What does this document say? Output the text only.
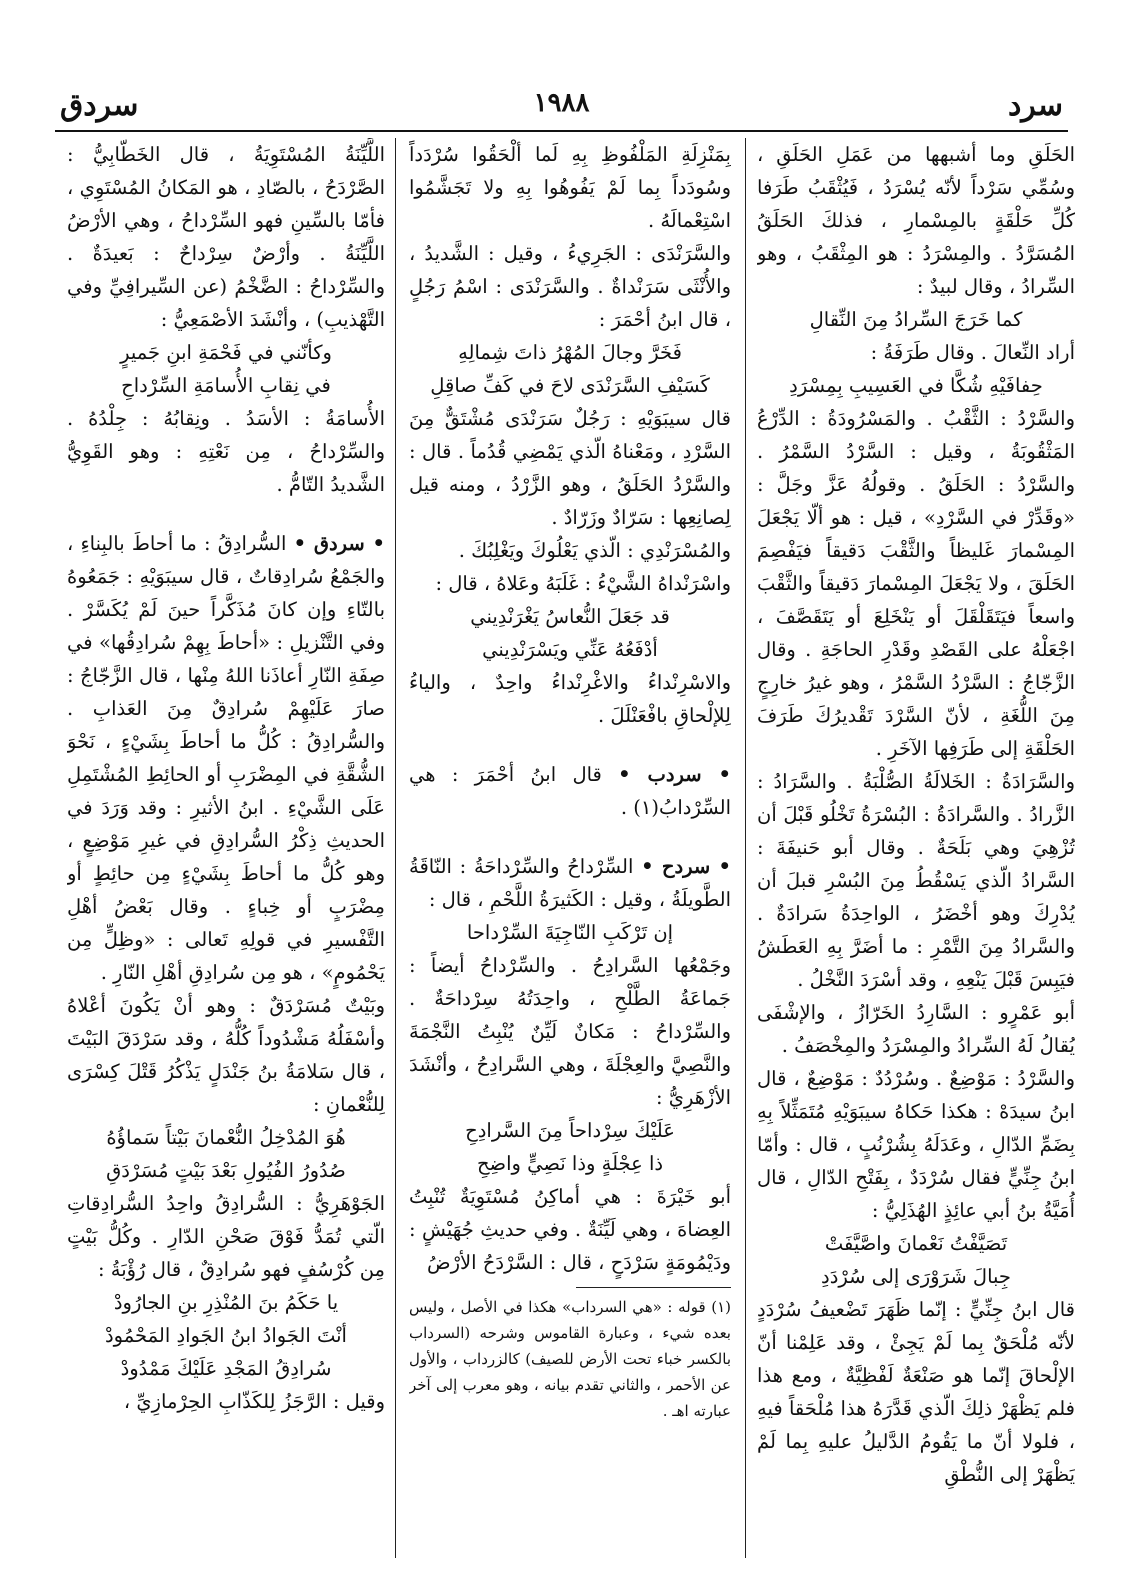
سرد
١٩٨٨
سردق

الحَلَقِ وما أشبهها من عَمَلِ الحَلَقِ ، وسُمِّي سَرْداً لأنّه يُسْرَدُ ، فَيُثْقَبُ طَرَفا كُلِّ حَلْقَةٍ بالمِسْمارِ ، فذلكَ الحَلَقُ المُسَرَّدُ . والمِسْرَدُ : هو المِثْقَبُ ، وهو السِّرادُ ، وقال لبيدٌ :

كما خَرَجَ السِّرادُ مِنَ النِّقالِ

أراد النِّعالَ . وقال طَرَفَةُ :

حِفافَيْهِ شُكَّا في العَسِيبِ بِمِسْرَدِ

والسَّرْدُ : الثَّقْبُ . والمَسْرُودَةُ : الدِّرْعُ المَثْقُوبَةُ ، وقيل : السَّرْدُ السَّمْرُ . والسَّرْدُ : الحَلَقُ . وقولُهُ عَزَّ وجَلَّ : «وقَدِّرْ في السَّرْدِ» ، قيل : هو ألّا يَجْعَلَ المِسْمارَ غَليظاً والثَّقْبَ دَقيقاً فيَفْصِمَ الحَلَقَ ، ولا يَجْعَلَ المِسْمارَ دَقيقاً والثَّقْبَ واسعاً فيَتَقَلْقَلَ أو يَنْخَلِعَ أو يَتَقَصَّفَ ، اجْعَلْهُ على القَصْدِ وقَدْرِ الحاجَةِ . وقال الزَّجّاجُ : السَّرْدُ السَّمْرُ ، وهو غيرُ خارِجٍ مِنَ اللُّغَةِ ، لأنّ السَّرْدَ تَقْديرُكَ طَرَفَ الحَلْقَةِ إلى طَرَفِها الآخَرِ .

والسَّرَادَةُ : الخَلالَةُ الصُّلْبَةُ . والسَّرَادُ : الزَّرادُ . والسَّرادَةُ : البُسْرَةُ تَخْلُو قَبْلَ أن تُزْهِيَ وهي بَلَحَةٌ . وقال أبو حَنيفَةَ : السَّرادُ الّذي يَسْقُطُ مِنَ البُسْرِ قبلَ أن يُدْرِكَ وهو أخْضَرُ ، الواحِدَةُ سَرادَةٌ . والسَّرادُ مِنَ التَّمْرِ : ما أضَرَّ بِهِ العَطَشُ فيَبِسَ قَبْلَ يَنْعِهِ ، وقد أسْرَدَ النَّخْلُ .

أبو عَمْرٍو : السَّارِدُ الخَرّازُ ، والإشْفَى يُقالُ لَهُ السِّرادُ والمِسْرَدُ والمِخْصَفُ .

والسَّرْدُ : مَوْضِعٌ . وسُرْدُدٌ : مَوْضِعٌ ، قال ابنُ سيدَهْ : هكذا حَكاهُ سيبَوَيْهِ مُتَمَثِّلاً بِهِ بِضَمِّ الدّالِ ، وعَدَلَهُ بِشُرْنُبٍ ، قال : وأمّا ابنُ جِنِّيٍّ فقال سُرْدَدٌ ، بِفَتْحِ الدّالِ ، قال أُمَيَّةُ بنُ أبي عائِذٍ الهُذَلِيُّ :

تَصَيَّفْتُ نَعْمانَ واصَّيَّفَتْ

جِبالَ شَرَوْرَى إلى سُرْدَدِ

قال ابنُ جِنِّيٍّ : إنّما ظَهَرَ تَضْعيفُ سُرْدَدٍ لأنّه مُلْحَقٌ بِما لَمْ يَجِئْ ، وقد عَلِمْنا أنّ الإلْحاقَ إنّما هو صَنْعَةٌ لَفْظِيَّةٌ ، ومع هذا فلم يَظْهَرْ ذلِكَ الّذي قَدَّرَهُ هذا مُلْحَقاً فيهِ ، فلولا أنّ ما يَقُومُ الدَّليلُ عليهِ بِما لَمْ يَظْهَرْ إلى النُّطْقِ

بِمَنْزِلَةِ المَلْفُوظِ بِهِ لَما ألْحَقُوا سُرْدَداً وسُودَداً بِما لَمْ يَفُوهُوا بِهِ ولا تَجَشَّمُوا اسْتِعْمالَهُ .

والسَّرَنْدَى : الجَرِيءُ ، وقيل : الشَّديدُ ، والأُنْثَى سَرَنْداةٌ . والسَّرَنْدَى : اسْمُ رَجُلٍ ، قال ابنُ أحْمَرَ :

فَخَرَّ وجالَ المُهْرُ ذاتَ شِمالِهِ

كَسَيْفِ السَّرَنْدَى لاحَ في كَفِّ صاقِلِ

قال سيبَوَيْهِ : رَجُلٌ سَرَنْدَى مُشْتَقٌّ مِنَ السَّرْدِ ، ومَعْناهُ الّذي يَمْضِي قُدُماً . قال : والسَّرْدُ الحَلَقُ ، وهو الزَّرْدُ ، ومنه قيل لِصانِعِها : سَرّادٌ وزَرّادٌ .

والمُسْرَنْدِي : الّذي يَعْلُوكَ ويَغْلِبُكَ .

واسْرَنْداهُ الشَّيْءُ : غَلَبَهُ وعَلاهُ ، قال :

قد جَعَلَ النُّعاسُ يَغْرَنْدِيني

أدْفَعُهُ عَنِّي ويَسْرَنْدِيني

والاسْرِنْداءُ والاغْرِنْداءُ واحِدٌ ، والياءُ لِلإلْحاقِ بافْعَنْلَلَ .

• سردب • قال ابنُ أحْمَرَ : هي السِّرْدابُ(١) .

• سردح • السِّرْداحُ والسِّرْداحَةُ : النّاقَةُ الطَّويلَةُ ، وقيل : الكَثيرَةُ اللَّحْمِ ، قال :

إن تَرْكَبِ النّاجِيَةَ السِّرْداحا

وجَمْعُها السَّرادِحُ . والسِّرْداحُ أيضاً : جَماعَةُ الطَّلْحِ ، واحِدَتُهُ سِرْداحَةٌ . والسِّرْداحُ : مَكانٌ لَيِّنٌ يُنْبِتُ النَّجْمَةَ والنَّصِيَّ والعِجْلَةَ ، وهي السَّرادِحُ ، وأنْشَدَ الأزْهَرِيُّ :

عَلَيْكَ سِرْداحاً مِنَ السَّرادِحِ

ذا عِجْلَةٍ وذا نَصِيٍّ واضِحِ

أبو خَيْرَةَ : هي أماكِنُ مُسْتَوِيَةٌ تُنْبِتُ العِضاهَ ، وهي لَيِّنَةٌ . وفي حديثِ جُهَيْشٍ : ودَيْمُومَةٍ سَرْدَحٍ ، قال : السَّرْدَحُ الأرْضُ

(١) قوله : «هي السرداب» هكذا في الأصل ، وليس بعده شيء ، وعبارة القاموس وشرحه (السرداب بالكسر خباء تحت الأرض للصيف) كالزرداب ، والأول عن الأحمر ، والثاني تقدم بيانه ، وهو معرب إلى آخر عبارته اهـ .

اللَّيِّنَةُ المُسْتَوِيَةُ ، قال الخَطّابِيُّ : الصَّرْدَحُ ، بالصّادِ ، هو المَكانُ المُسْتَوِي ، فأمّا بالسِّينِ فهو السِّرْداحُ ، وهي الأرْضُ اللَّيِّنَةُ . وأرْضٌ سِرْداحٌ : بَعيدَةٌ . والسِّرْداحُ : الضَّخْمُ (عن السِّيرافِيِّ وفي التَّهْذيبِ) ، وأنْشَدَ الأصْمَعِيُّ :

وكأنّني في فَحْمَةِ ابنِ جَميرٍ

في نِقابِ الأُسامَةِ السِّرْداحِ

الأُسامَةُ : الأسَدُ . ونِقابُهُ : جِلْدُهُ . والسِّرْداحُ ، مِن نَعْتِهِ : وهو القَوِيُّ الشَّديدُ التّامُّ .

• سردق • السُّرادِقُ : ما أحاطَ بالبِناءِ ، والجَمْعُ سُرادِقاتٌ ، قال سيبَوَيْهِ : جَمَعُوهُ بالتّاءِ وإن كانَ مُذَكَّراً حينَ لَمْ يُكَسَّرْ . وفي التَّنْزيلِ : «أحاطَ بِهِمْ سُرادِقُها» في صِفَةِ النّارِ أعاذَنا اللهُ مِنْها ، قال الزَّجّاجُ : صارَ عَلَيْهِمْ سُرادِقٌ مِنَ العَذابِ . والسُّرادِقُ : كُلُّ ما أحاطَ بِشَيْءٍ ، نَحْوَ الشُّقَّةِ في المِضْرَبِ أو الحائِطِ المُشْتَمِلِ عَلَى الشَّيْءِ . ابنُ الأثيرِ : وقد وَرَدَ في الحديثِ ذِكْرُ السُّرادِقِ في غيرِ مَوْضِعٍ ، وهو كُلُّ ما أحاطَ بِشَيْءٍ مِن حائِطٍ أو مِضْرَبٍ أو خِباءٍ . وقال بَعْضُ أهْلِ التَّفْسيرِ في قولِهِ تَعالى : «وظِلٍّ مِن يَحْمُومٍ» ، هو مِن سُرادِقِ أهْلِ النّارِ .

وبَيْتٌ مُسَرْدَقٌ : وهو أنْ يَكُونَ أعْلاهُ وأسْفَلُهُ مَشْدُوداً كُلُّهُ ، وقد سَرْدَقَ البَيْتَ ، قال سَلامَةُ بنُ جَنْدَلٍ يَذْكُرُ قَتْلَ كِسْرَى لِلنُّعْمانِ :

هُوَ المُدْخِلُ النُّعْمانَ بَيْتاً سَماؤُهُ

صُدُورُ الفُيُولِ بَعْدَ بَيْتٍ مُسَرْدَقِ

الجَوْهَرِيُّ : السُّرادِقُ واحِدُ السُّرادِقاتِ الّتي تُمَدُّ فَوْقَ صَحْنِ الدّارِ . وكُلُّ بَيْتٍ مِن كُرْسُفٍ فهو سُرادِقٌ ، قال رُؤْبَةُ :

يا حَكَمُ بنَ المُنْذِرِ بنِ الجارُودْ

أنْتَ الجَوادُ ابنُ الجَوادِ المَحْمُودْ

سُرادِقُ المَجْدِ عَلَيْكَ مَمْدُودْ

وقيل : الرَّجَزُ لِلكَذّابِ الحِرْمازِيِّ ،
